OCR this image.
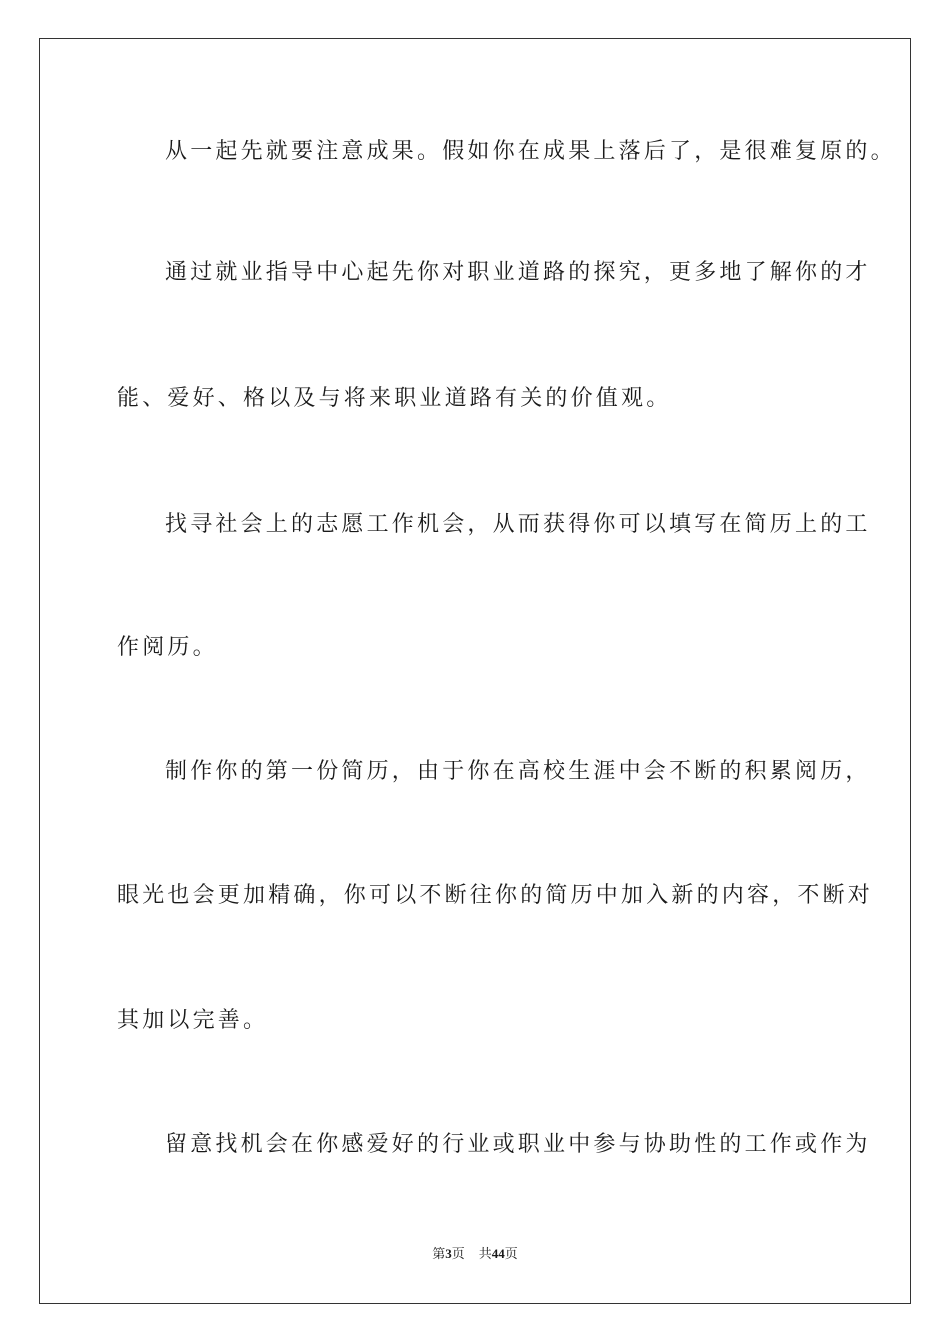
从一起先就要注意成果。假如你在成果上落后了，是很难复原的。
通过就业指导中心起先你对职业道路的探究，更多地了解你的才
能、爱好、格以及与将来职业道路有关的价值观。
找寻社会上的志愿工作机会，从而获得你可以填写在简历上的工
作阅历。
制作你的第一份简历，由于你在高校生涯中会不断的积累阅历，
眼光也会更加精确，你可以不断往你的简历中加入新的内容，不断对
其加以完善。
留意找机会在你感爱好的行业或职业中参与协助性的工作或作为
第3页 共44页
